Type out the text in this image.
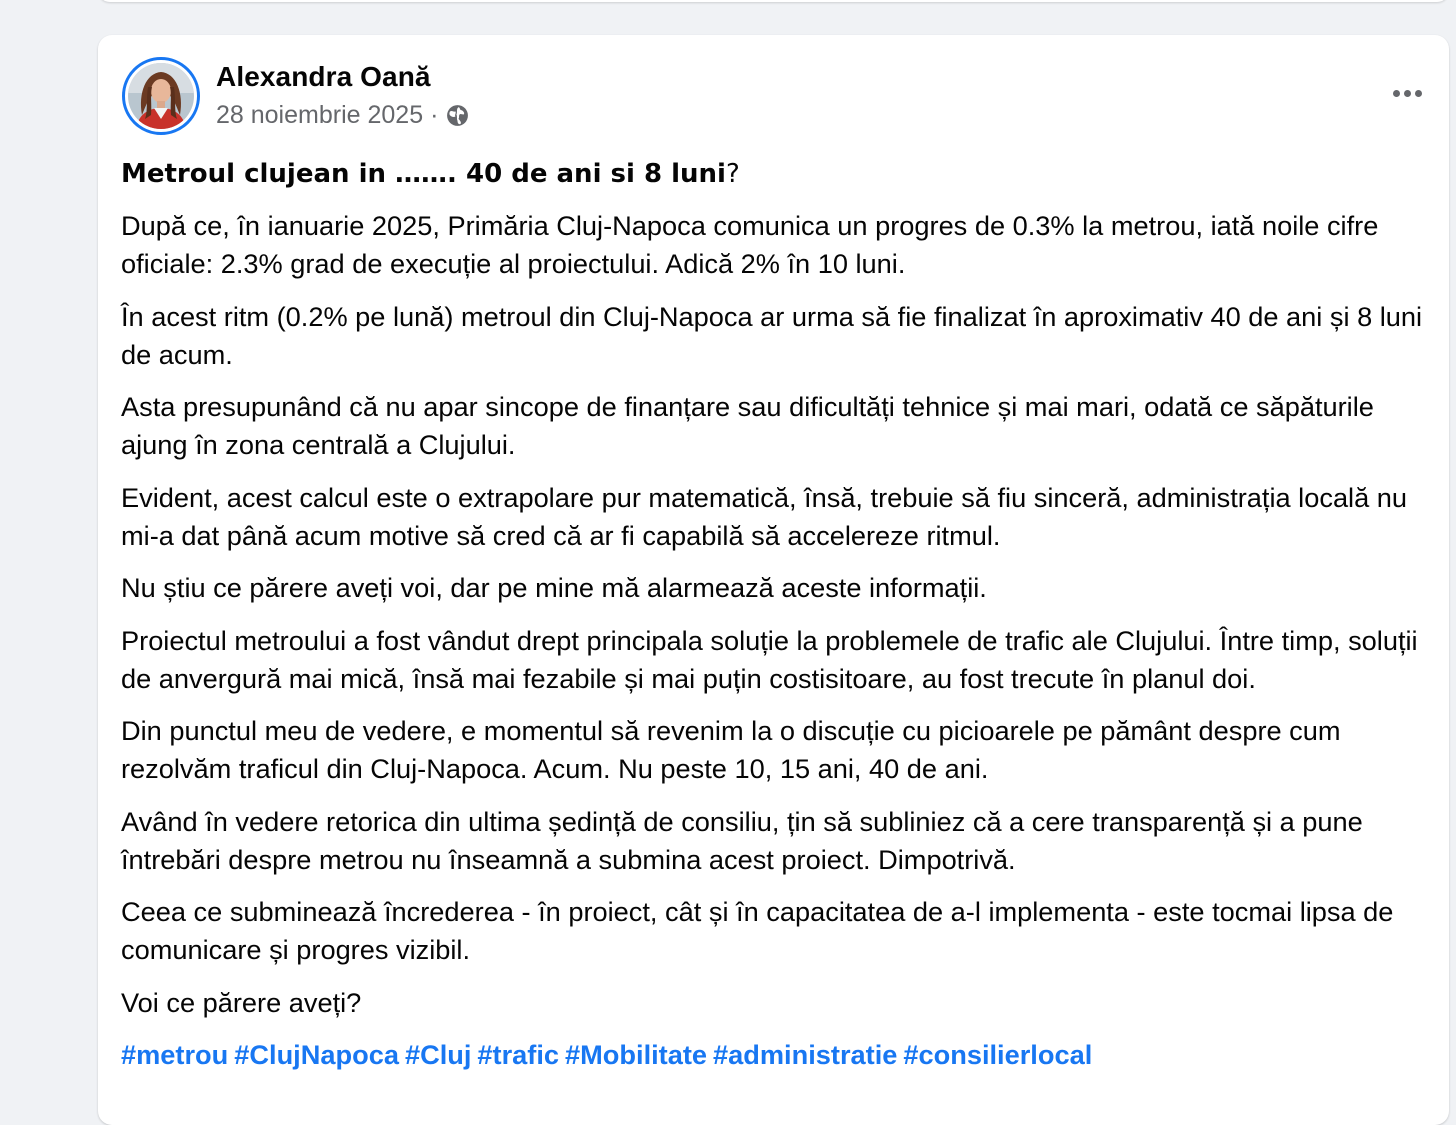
Alexandra Oană
28 noiembrie 2025 ·

Metroul clujean in ……. 40 de ani si 8 luni?

După ce, în ianuarie 2025, Primăria Cluj-Napoca comunica un progres de 0.3% la metrou, iată noile cifre oficiale: 2.3% grad de execuție al proiectului. Adică 2% în 10 luni.

În acest ritm (0.2% pe lună) metroul din Cluj-Napoca ar urma să fie finalizat în aproximativ 40 de ani și 8 luni de acum.

Asta presupunând că nu apar sincope de finanțare sau dificultăți tehnice și mai mari, odată ce săpăturile ajung în zona centrală a Clujului.

Evident, acest calcul este o extrapolare pur matematică, însă, trebuie să fiu sinceră, administrația locală nu mi-a dat până acum motive să cred că ar fi capabilă să accelereze ritmul.

Nu știu ce părere aveți voi, dar pe mine mă alarmează aceste informații.

Proiectul metroului a fost vândut drept principala soluție la problemele de trafic ale Clujului. Între timp, soluții de anvergură mai mică, însă mai fezabile și mai puțin costisitoare, au fost trecute în planul doi.

Din punctul meu de vedere, e momentul să revenim la o discuție cu picioarele pe pământ despre cum rezolvăm traficul din Cluj-Napoca. Acum. Nu peste 10, 15 ani, 40 de ani.

Având în vedere retorica din ultima ședință de consiliu, țin să subliniez că a cere transparență și a pune întrebări despre metrou nu înseamnă a submina acest proiect. Dimpotrivă.

Ceea ce subminează încrederea - în proiect, cât și în capacitatea de a-l implementa - este tocmai lipsa de comunicare și progres vizibil.

Voi ce părere aveți?

#metrou #ClujNapoca #Cluj #trafic #Mobilitate #administratie #consilierlocal
